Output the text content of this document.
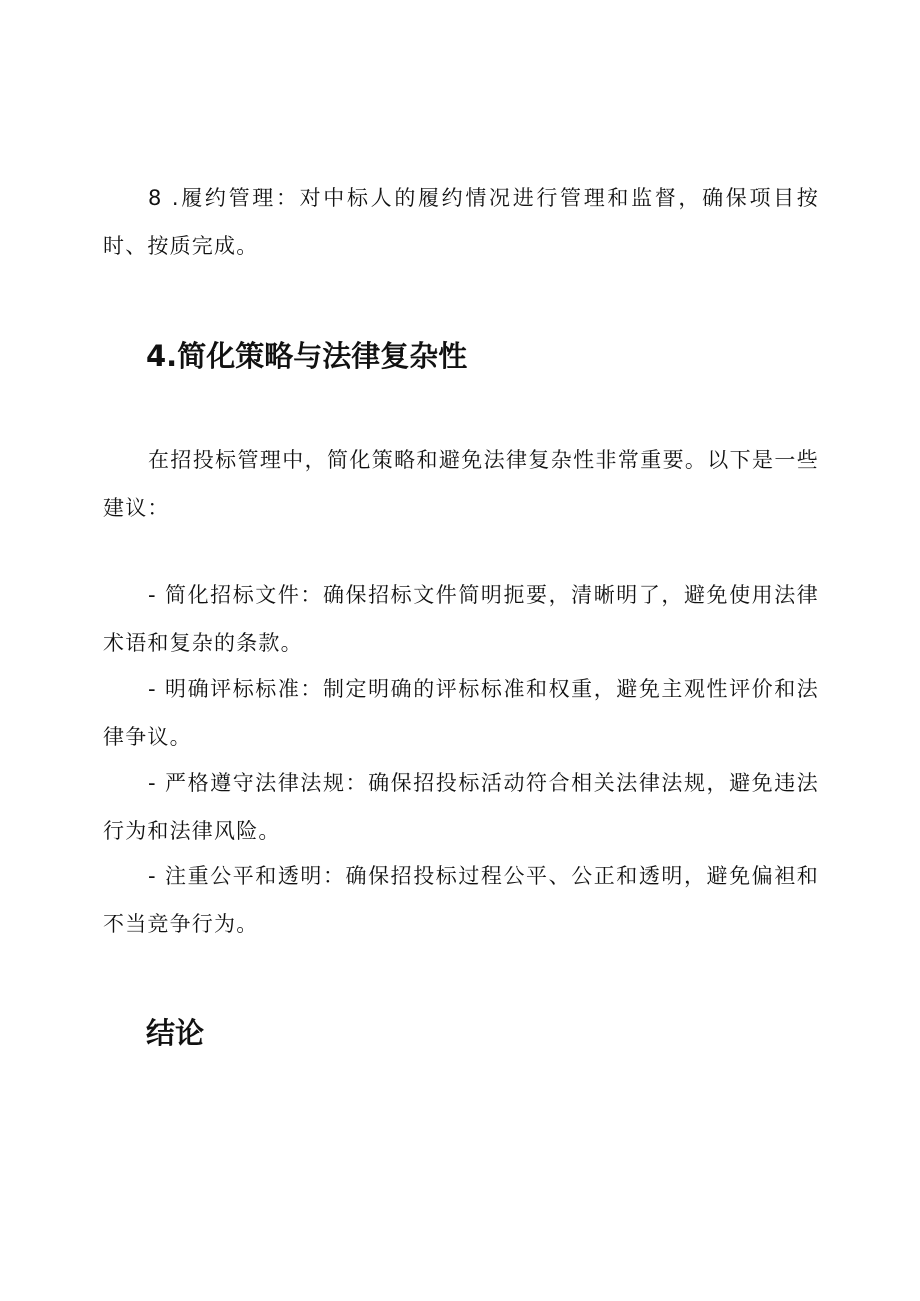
8 .履约管理：对中标人的履约情况进行管理和监督，确保项目按时、按质完成。

4.简化策略与法律复杂性

在招投标管理中，简化策略和避免法律复杂性非常重要。以下是一些建议：

- 简化招标文件：确保招标文件简明扼要，清晰明了，避免使用法律术语和复杂的条款。

- 明确评标标准：制定明确的评标标准和权重，避免主观性评价和法律争议。

- 严格遵守法律法规：确保招投标活动符合相关法律法规，避免违法行为和法律风险。

- 注重公平和透明：确保招投标过程公平、公正和透明，避免偏袒和不当竞争行为。

结论
